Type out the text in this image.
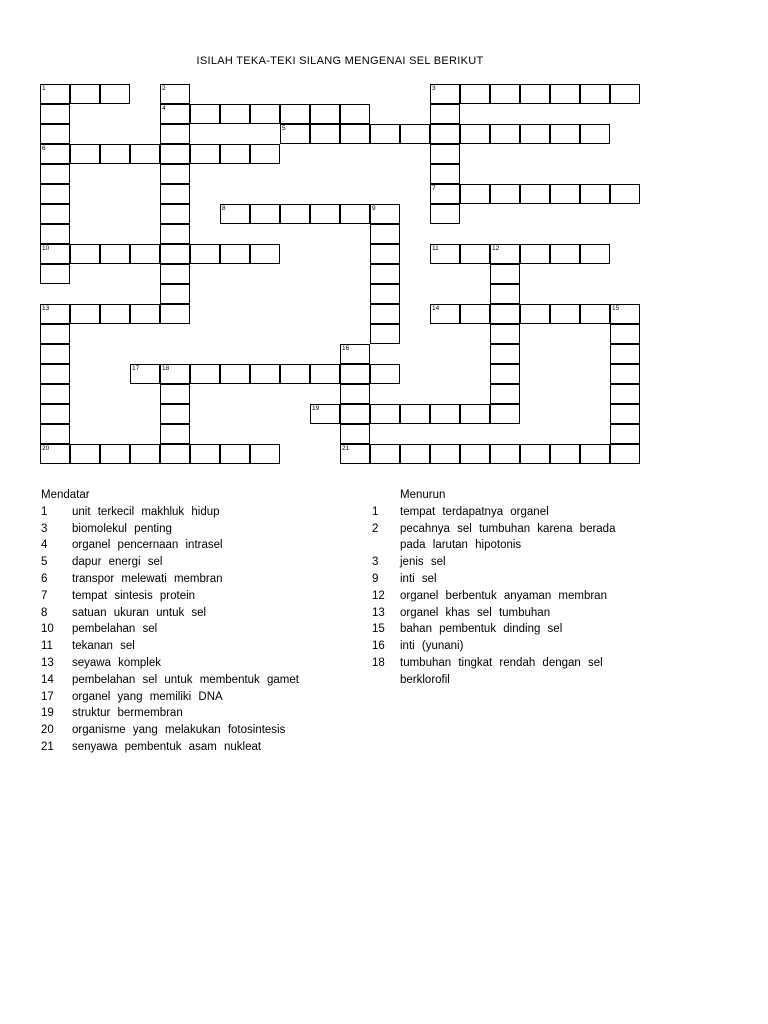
ISILAH TEKA-TEKI SILANG MENGENAI SEL BERIKUT
1
6
10
2
4
3
7
5
8	9
11	12
13
20
14	15
16
21
17	18
19
Mendatar
1 unit terkecil makhluk hidup
3 biomolekul penting
4 organel pencernaan intrasel
5 dapur energi sel
6 transpor melewati membran
7 tempat sintesis protein
8 satuan ukuran untuk sel
10 pembelahan sel
11 tekanan sel
13 seyawa komplek
14 pembelahan sel untuk membentuk gamet
17 organel yang memiliki DNA
19 struktur bermembran
20 organisme yang melakukan fotosintesis
21 senyawa pembentuk asam nukleat
Menurun
1 tempat terdapatnya organel
2 pecahnya sel tumbuhan karena berada pada larutan hipotonis
3 jenis sel
9 inti sel
12 organel berbentuk anyaman membran
13 organel khas sel tumbuhan
15 bahan pembentuk dinding sel
16 inti (yunani)
18 tumbuhan tingkat rendah dengan sel berklorofil
